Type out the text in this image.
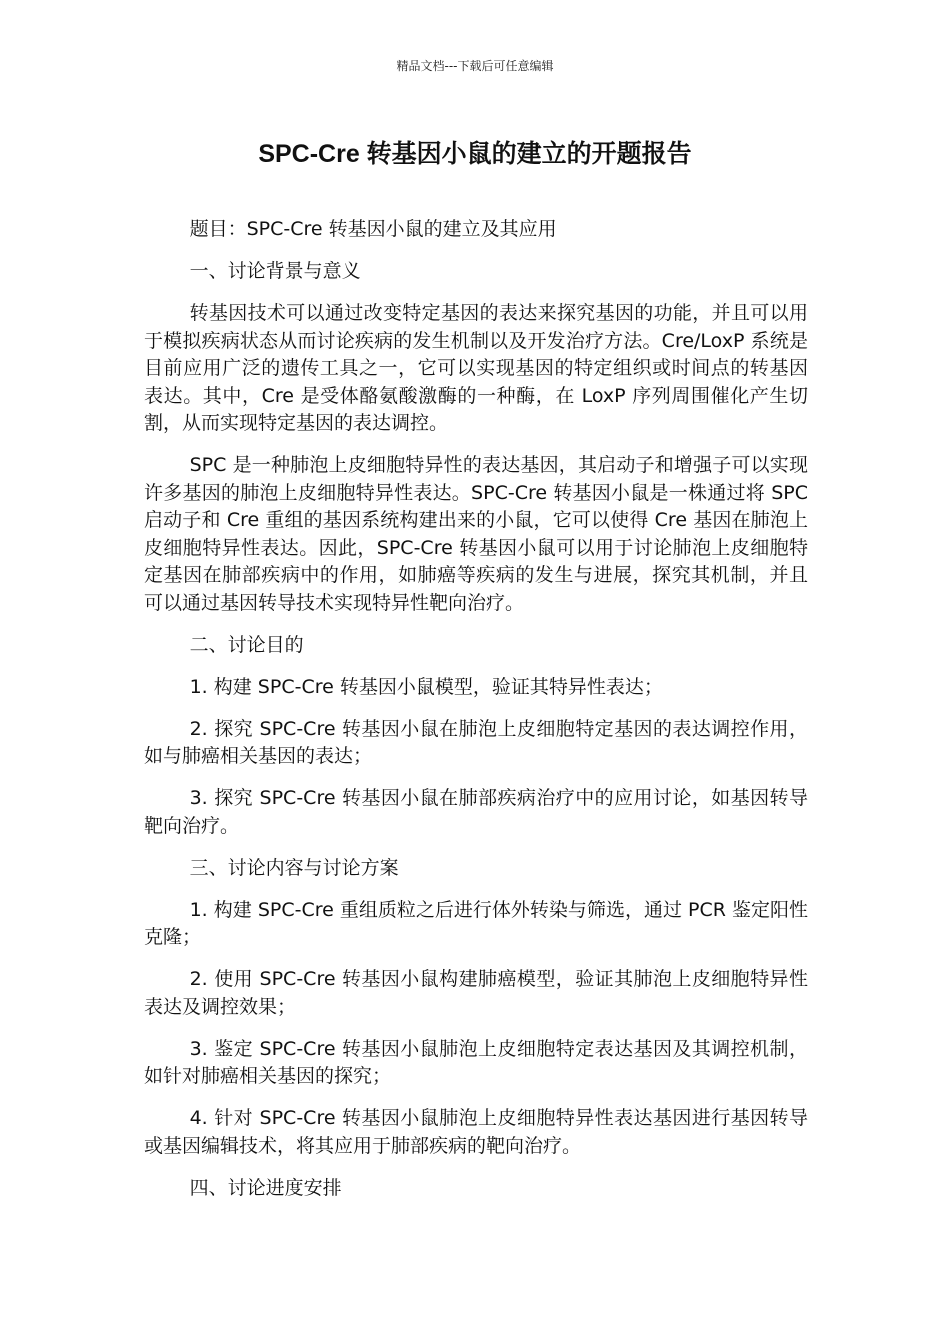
精品文档---下载后可任意编辑
SPC-Cre 转基因小鼠的建立的开题报告

题目：SPC-Cre 转基因小鼠的建立及其应用

一、讨论背景与意义

转基因技术可以通过改变特定基因的表达来探究基因的功能，并且可以用于模拟疾病状态从而讨论疾病的发生机制以及开发治疗方法。Cre/LoxP 系统是目前应用广泛的遗传工具之一，它可以实现基因的特定组织或时间点的转基因表达。其中，Cre 是受体酪氨酸激酶的一种酶，在 LoxP 序列周围催化产生切割，从而实现特定基因的表达调控。

SPC 是一种肺泡上皮细胞特异性的表达基因，其启动子和增强子可以实现许多基因的肺泡上皮细胞特异性表达。SPC-Cre 转基因小鼠是一株通过将 SPC 启动子和 Cre 重组的基因系统构建出来的小鼠，它可以使得 Cre 基因在肺泡上皮细胞特异性表达。因此，SPC-Cre 转基因小鼠可以用于讨论肺泡上皮细胞特定基因在肺部疾病中的作用，如肺癌等疾病的发生与进展，探究其机制，并且可以通过基因转导技术实现特异性靶向治疗。

二、讨论目的

1. 构建 SPC-Cre 转基因小鼠模型，验证其特异性表达；

2. 探究 SPC-Cre 转基因小鼠在肺泡上皮细胞特定基因的表达调控作用，如与肺癌相关基因的表达；

3. 探究 SPC-Cre 转基因小鼠在肺部疾病治疗中的应用讨论，如基因转导靶向治疗。

三、讨论内容与讨论方案

1. 构建 SPC-Cre 重组质粒之后进行体外转染与筛选，通过 PCR 鉴定阳性克隆；

2. 使用 SPC-Cre 转基因小鼠构建肺癌模型，验证其肺泡上皮细胞特异性表达及调控效果；

3. 鉴定 SPC-Cre 转基因小鼠肺泡上皮细胞特定表达基因及其调控机制，如针对肺癌相关基因的探究；

4. 针对 SPC-Cre 转基因小鼠肺泡上皮细胞特异性表达基因进行基因转导或基因编辑技术，将其应用于肺部疾病的靶向治疗。

四、讨论进度安排
